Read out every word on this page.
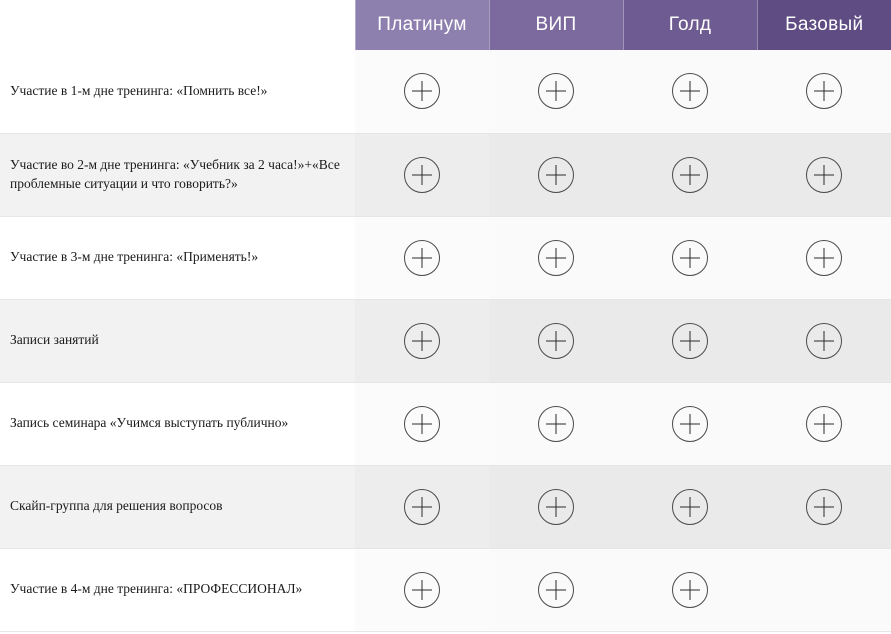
	Платинум	ВИП	Голд	Базовый
Участие в 1-м дне тренинга: «Помнить все!»	

Участие во 2-м дне тренинга: «Учебник за 2 часа!»+«Все проблемные ситуации и что говорить?»	

Участие в 3-м дне тренинга: «Применять!»	

Записи занятий	

Запись семинара «Учимся выступать публично»	

Скайп-группа для решения вопросов	

Участие в 4-м дне тренинга: «ПРОФЕССИОНАЛ»	
